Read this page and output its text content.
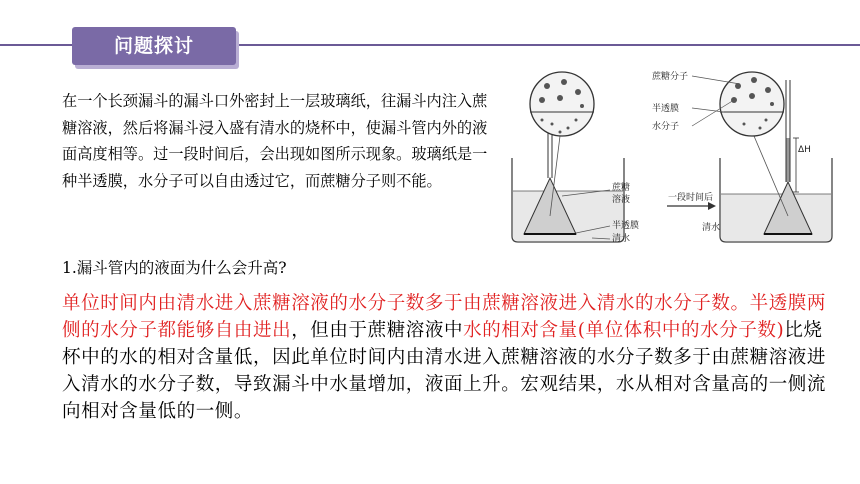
问题探讨

在一个长颈漏斗的漏斗口外密封上一层玻璃纸，往漏斗内注入蔗糖溶液，然后将漏斗浸入盛有清水的烧杯中，使漏斗管内外的液面高度相等。过一段时间后，会出现如图所示现象。玻璃纸是一种半透膜，水分子可以自由透过它，而蔗糖分子则不能。

蔗糖分子
半透膜
水分子
ΔH
蔗糖
溶液	一段时间后
半透膜
清水
清水

1.漏斗管内的液面为什么会升高?

单位时间内由清水进入蔗糖溶液的水分子数多于由蔗糖溶液进入清水的水分子数。半透膜两侧的水分子都能够自由进出，但由于蔗糖溶液中水的相对含量(单位体积中的水分子数)比烧杯中的水的相对含量低，因此单位时间内由清水进入蔗糖溶液的水分子数多于由蔗糖溶液进入清水的水分子数，导致漏斗中水量增加，液面上升。宏观结果，水从相对含量高的一侧流向相对含量低的一侧。
